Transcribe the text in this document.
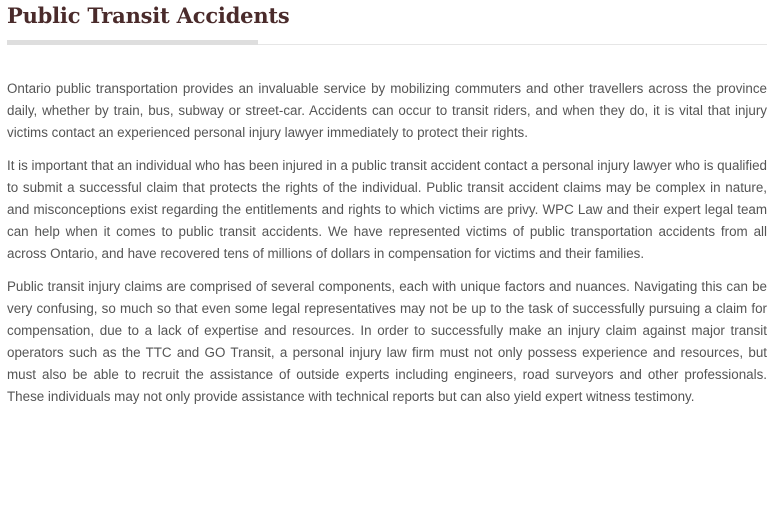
Public Transit Accidents

Ontario public transportation provides an invaluable service by mobilizing commuters and other travellers across the province daily, whether by train, bus, subway or street-car. Accidents can occur to transit riders, and when they do, it is vital that injury victims contact an experienced personal injury lawyer immediately to protect their rights.

It is important that an individual who has been injured in a public transit accident contact a personal injury lawyer who is qualified to submit a successful claim that protects the rights of the individual. Public transit accident claims may be complex in nature, and misconceptions exist regarding the entitlements and rights to which victims are privy. WPC Law and their expert legal team can help when it comes to public transit accidents. We have represented victims of public transportation accidents from all across Ontario, and have recovered tens of millions of dollars in compensation for victims and their families.

Public transit injury claims are comprised of several components, each with unique factors and nuances. Navigating this can be very confusing, so much so that even some legal representatives may not be up to the task of successfully pursuing a claim for compensation, due to a lack of expertise and resources. In order to successfully make an injury claim against major transit operators such as the TTC and GO Transit, a personal injury law firm must not only possess experience and resources, but must also be able to recruit the assistance of outside experts including engineers, road surveyors and other professionals. These individuals may not only provide assistance with technical reports but can also yield expert witness testimony.
